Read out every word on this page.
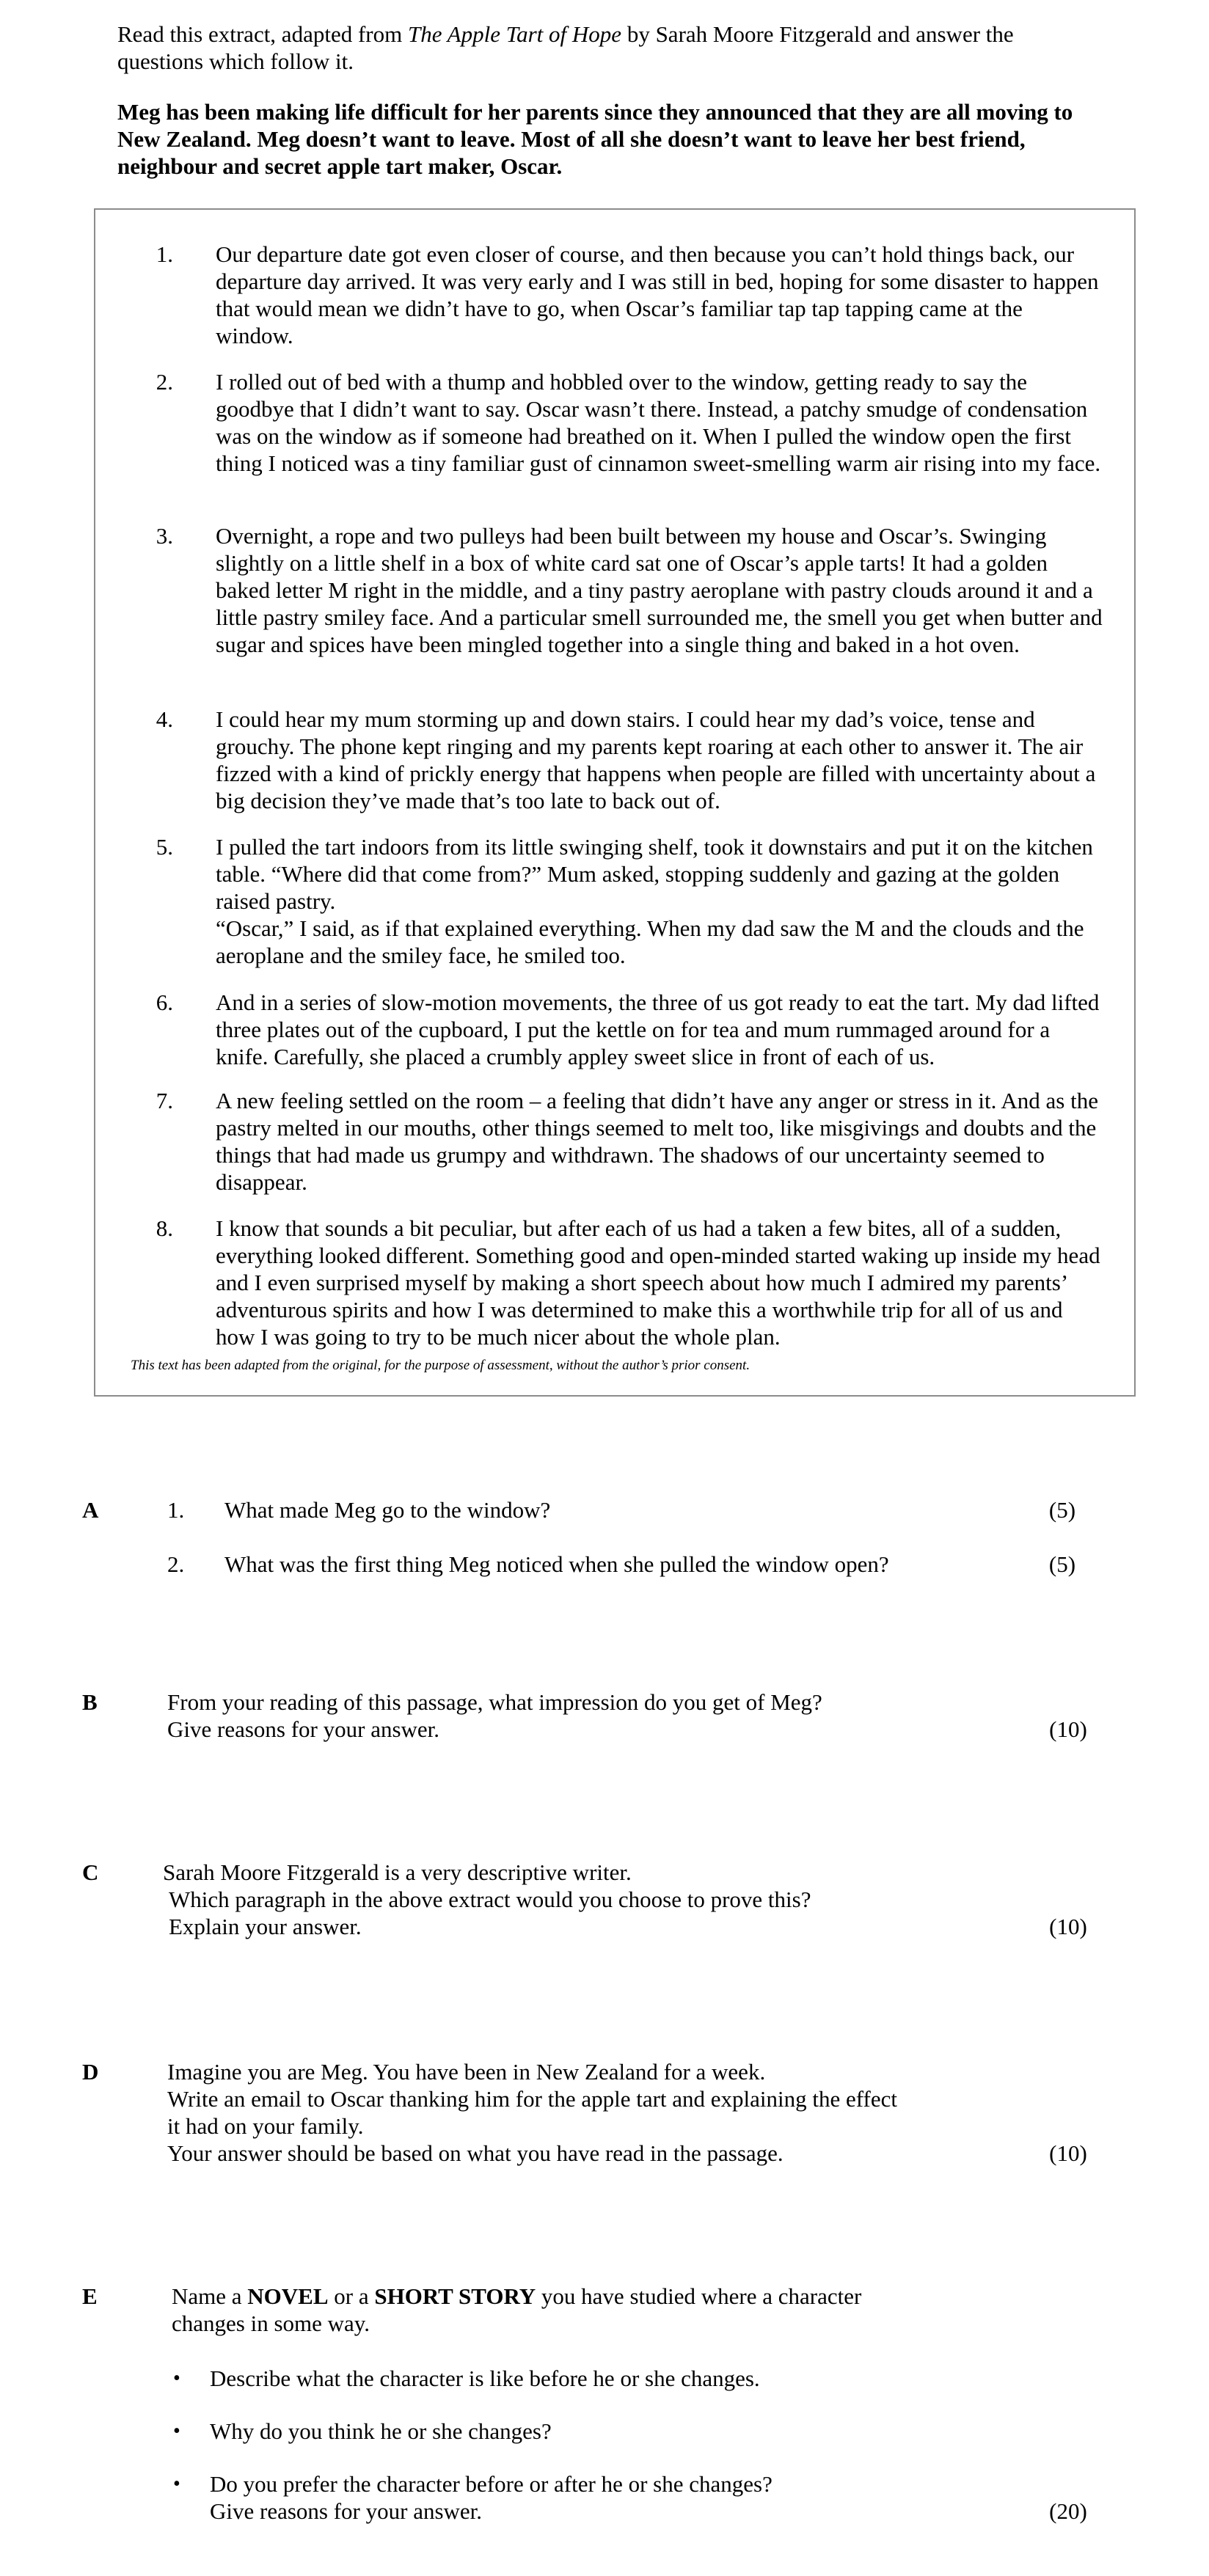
Read this extract, adapted from The Apple Tart of Hope by Sarah Moore Fitzgerald and answer the questions which follow it.

Meg has been making life difficult for her parents since they announced that they are all moving to New Zealand. Meg doesn’t want to leave. Most of all she doesn’t want to leave her best friend, neighbour and secret apple tart maker, Oscar.

1. Our departure date got even closer of course, and then because you can’t hold things back, our departure day arrived. It was very early and I was still in bed, hoping for some disaster to happen that would mean we didn’t have to go, when Oscar’s familiar tap tap tapping came at the window.

2. I rolled out of bed with a thump and hobbled over to the window, getting ready to say the goodbye that I didn’t want to say. Oscar wasn’t there. Instead, a patchy smudge of condensation was on the window as if someone had breathed on it. When I pulled the window open the first thing I noticed was a tiny familiar gust of cinnamon sweet-smelling warm air rising into my face.

3. Overnight, a rope and two pulleys had been built between my house and Oscar’s. Swinging slightly on a little shelf in a box of white card sat one of Oscar’s apple tarts! It had a golden baked letter M right in the middle, and a tiny pastry aeroplane with pastry clouds around it and a little pastry smiley face. And a particular smell surrounded me, the smell you get when butter and sugar and spices have been mingled together into a single thing and baked in a hot oven.

4. I could hear my mum storming up and down stairs. I could hear my dad’s voice, tense and grouchy. The phone kept ringing and my parents kept roaring at each other to answer it. The air fizzed with a kind of prickly energy that happens when people are filled with uncertainty about a big decision they’ve made that’s too late to back out of.

5. I pulled the tart indoors from its little swinging shelf, took it downstairs and put it on the kitchen table. “Where did that come from?” Mum asked, stopping suddenly and gazing at the golden raised pastry.

“Oscar,” I said, as if that explained everything. When my dad saw the M and the clouds and the aeroplane and the smiley face, he smiled too.

6. And in a series of slow-motion movements, the three of us got ready to eat the tart. My dad lifted three plates out of the cupboard, I put the kettle on for tea and mum rummaged around for a knife. Carefully, she placed a crumbly appley sweet slice in front of each of us.

7. A new feeling settled on the room – a feeling that didn’t have any anger or stress in it. And as the pastry melted in our mouths, other things seemed to melt too, like misgivings and doubts and the things that had made us grumpy and withdrawn. The shadows of our uncertainty seemed to disappear.

8. I know that sounds a bit peculiar, but after each of us had a taken a few bites, all of a sudden, everything looked different. Something good and open-minded started waking up inside my head and I even surprised myself by making a short speech about how much I admired my parents’ adventurous spirits and how I was determined to make this a worthwhile trip for all of us and how I was going to try to be much nicer about the whole plan.

This text has been adapted from the original, for the purpose of assessment, without the author’s prior consent.
A	1. What made Meg go to the window?	(5)
2. What was the first thing Meg noticed when she pulled the window open?	(5)
B	From your reading of this passage, what impression do you get of Meg?

Give reasons for your answer.	(10)
C	Sarah Moore Fitzgerald is a very descriptive writer.

Which paragraph in the above extract would you choose to prove this?

Explain your answer.	(10)
D	Imagine you are Meg. You have been in New Zealand for a week.

Write an email to Oscar thanking him for the apple tart and explaining the effect

it had on your family.

Your answer should be based on what you have read in the passage.	(10)
E	Name a NOVEL or a SHORT STORY you have studied where a character

changes in some way.

• Describe what the character is like before he or she changes.
• Why do you think he or she changes?
• Do you prefer the character before or after he or she changes?

Give reasons for your answer.	(20)
